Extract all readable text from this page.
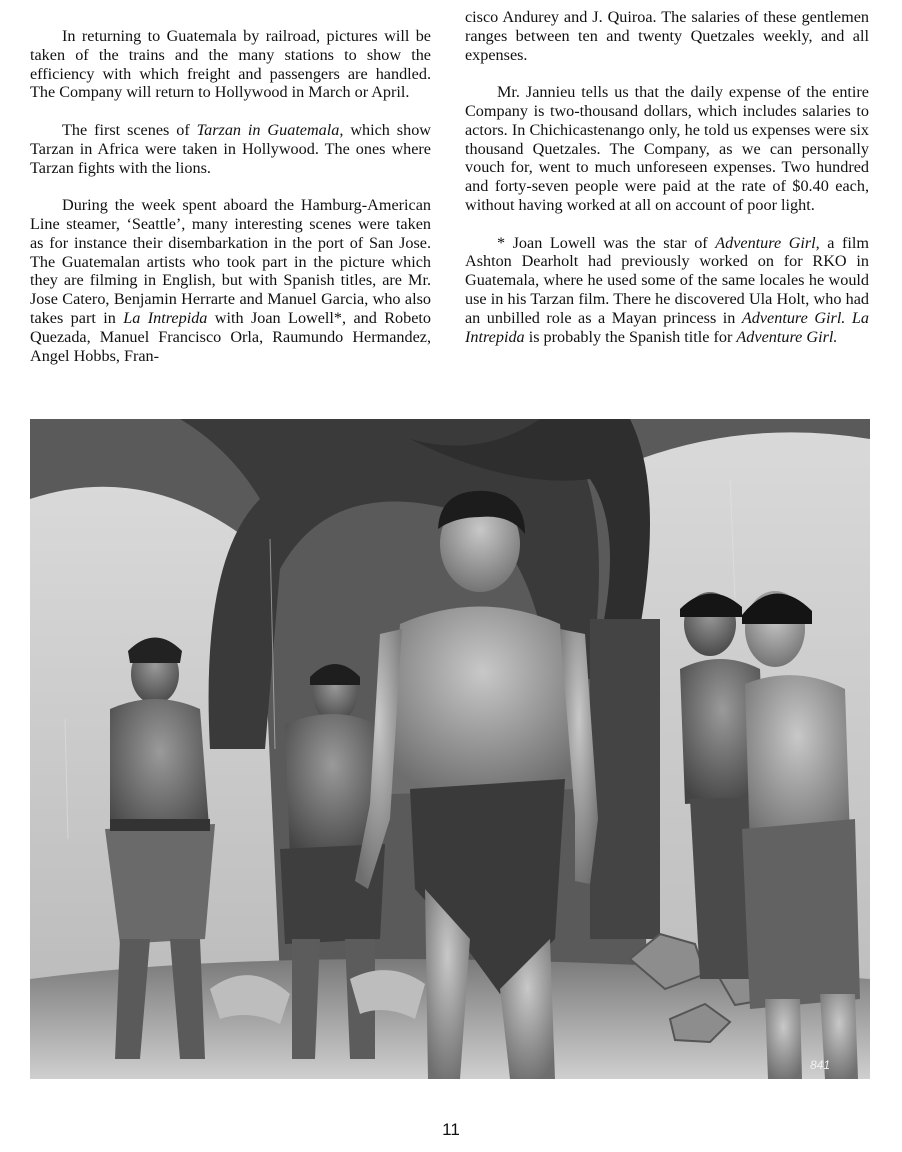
In returning to Guatemala by railroad, pictures will be taken of the trains and the many stations to show the efficiency with which freight and passengers are handled. The Company will return to Hollywood in March or April.

The first scenes of Tarzan in Guatemala, which show Tarzan in Africa were taken in Hollywood. The ones where Tarzan fights with the lions.

During the week spent aboard the Hamburg-American Line steamer, ‘Seattle’, many interesting scenes were taken as for instance their disembarkation in the port of San Jose. The Guatemalan artists who took part in the picture which they are filming in English, but with Spanish titles, are Mr. Jose Catero, Benjamin Herrarte and Manuel Garcia, who also takes part in La Intrepida with Joan Lowell*, and Robeto Quezada, Manuel Francisco Orla, Raumundo Hermandez, Angel Hobbs, Fran-

cisco Andurey and J. Quiroa. The salaries of these gentlemen ranges between ten and twenty Quetzales weekly, and all expenses.

Mr. Jannieu tells us that the daily expense of the entire Company is two-thousand dollars, which includes salaries to actors. In Chichicastenango only, he told us expenses were six thousand Quetzales. The Company, as we can personally vouch for, went to much unforeseen expenses. Two hundred and forty-seven people were paid at the rate of $0.40 each, without having worked at all on account of poor light.

* Joan Lowell was the star of Adventure Girl, a film Ashton Dearholt had previously worked on for RKO in Guatemala, where he used some of the same locales he would use in his Tarzan film. There he discovered Ula Holt, who had an unbilled role as a Mayan princess in Adventure Girl. La Intrepida is probably the Spanish title for Adventure Girl.

841
11
